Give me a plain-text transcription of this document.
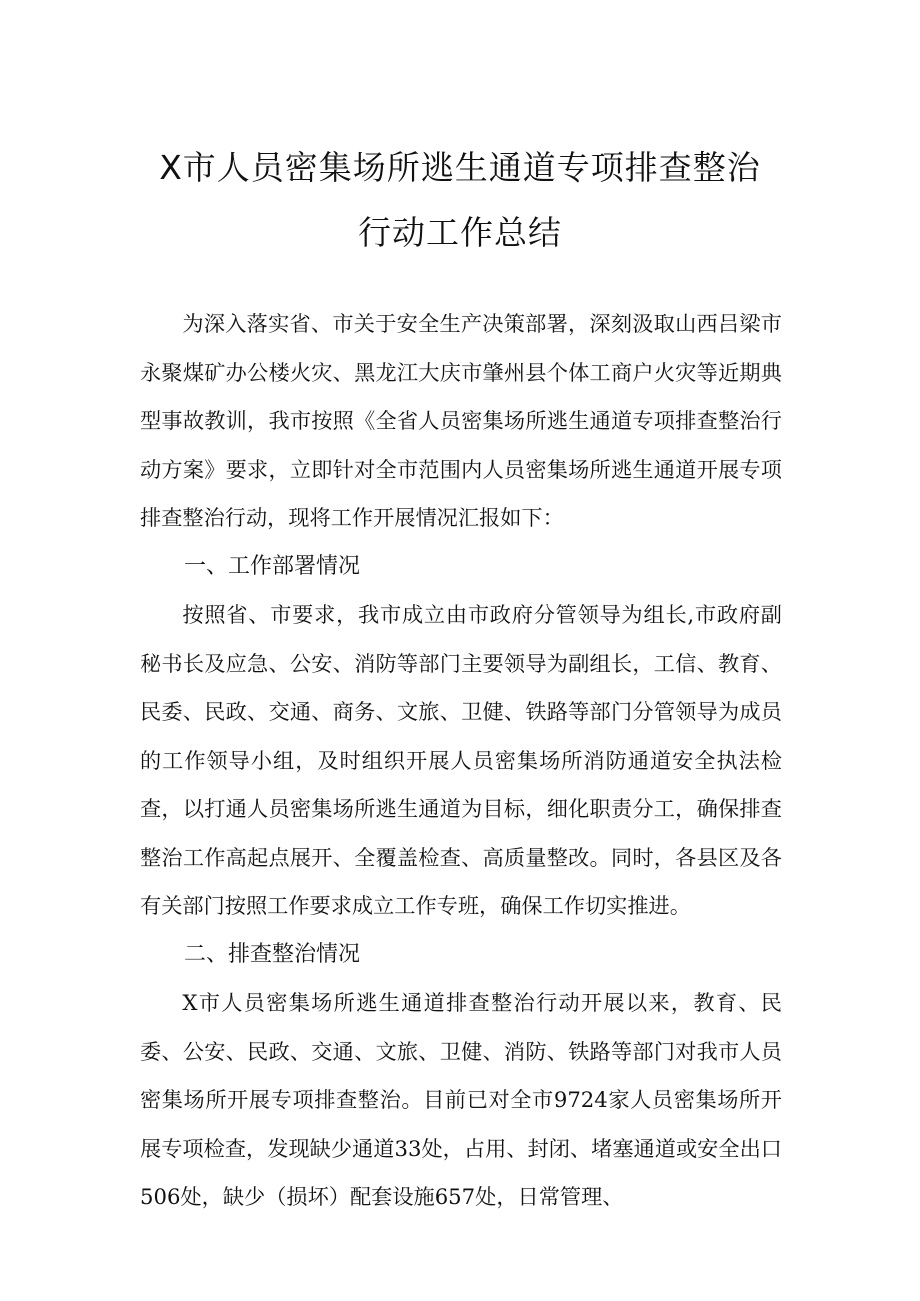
X市人员密集场所逃生通道专项排查整治
行动工作总结

为深入落实省、市关于安全生产决策部署，深刻汲取山西吕梁市永聚煤矿办公楼火灾、黑龙江大庆市肇州县个体工商户火灾等近期典型事故教训，我市按照《全省人员密集场所逃生通道专项排查整治行动方案》要求，立即针对全市范围内人员密集场所逃生通道开展专项排查整治行动，现将工作开展情况汇报如下：

一、工作部署情况

按照省、市要求，我市成立由市政府分管领导为组长,市政府副秘书长及应急、公安、消防等部门主要领导为副组长，工信、教育、民委、民政、交通、商务、文旅、卫健、铁路等部门分管领导为成员的工作领导小组，及时组织开展人员密集场所消防通道安全执法检查，以打通人员密集场所逃生通道为目标，细化职责分工，确保排查整治工作高起点展开、全覆盖检查、高质量整改。同时，各县区及各有关部门按照工作要求成立工作专班，确保工作切实推进。

二、排查整治情况

X市人员密集场所逃生通道排查整治行动开展以来，教育、民委、公安、民政、交通、文旅、卫健、消防、铁路等部门对我市人员密集场所开展专项排查整治。目前已对全市9724家人员密集场所开展专项检查，发现缺少通道33处，占用、封闭、堵塞通道或安全出口506处，缺少（损坏）配套设施657处，日常管理、
